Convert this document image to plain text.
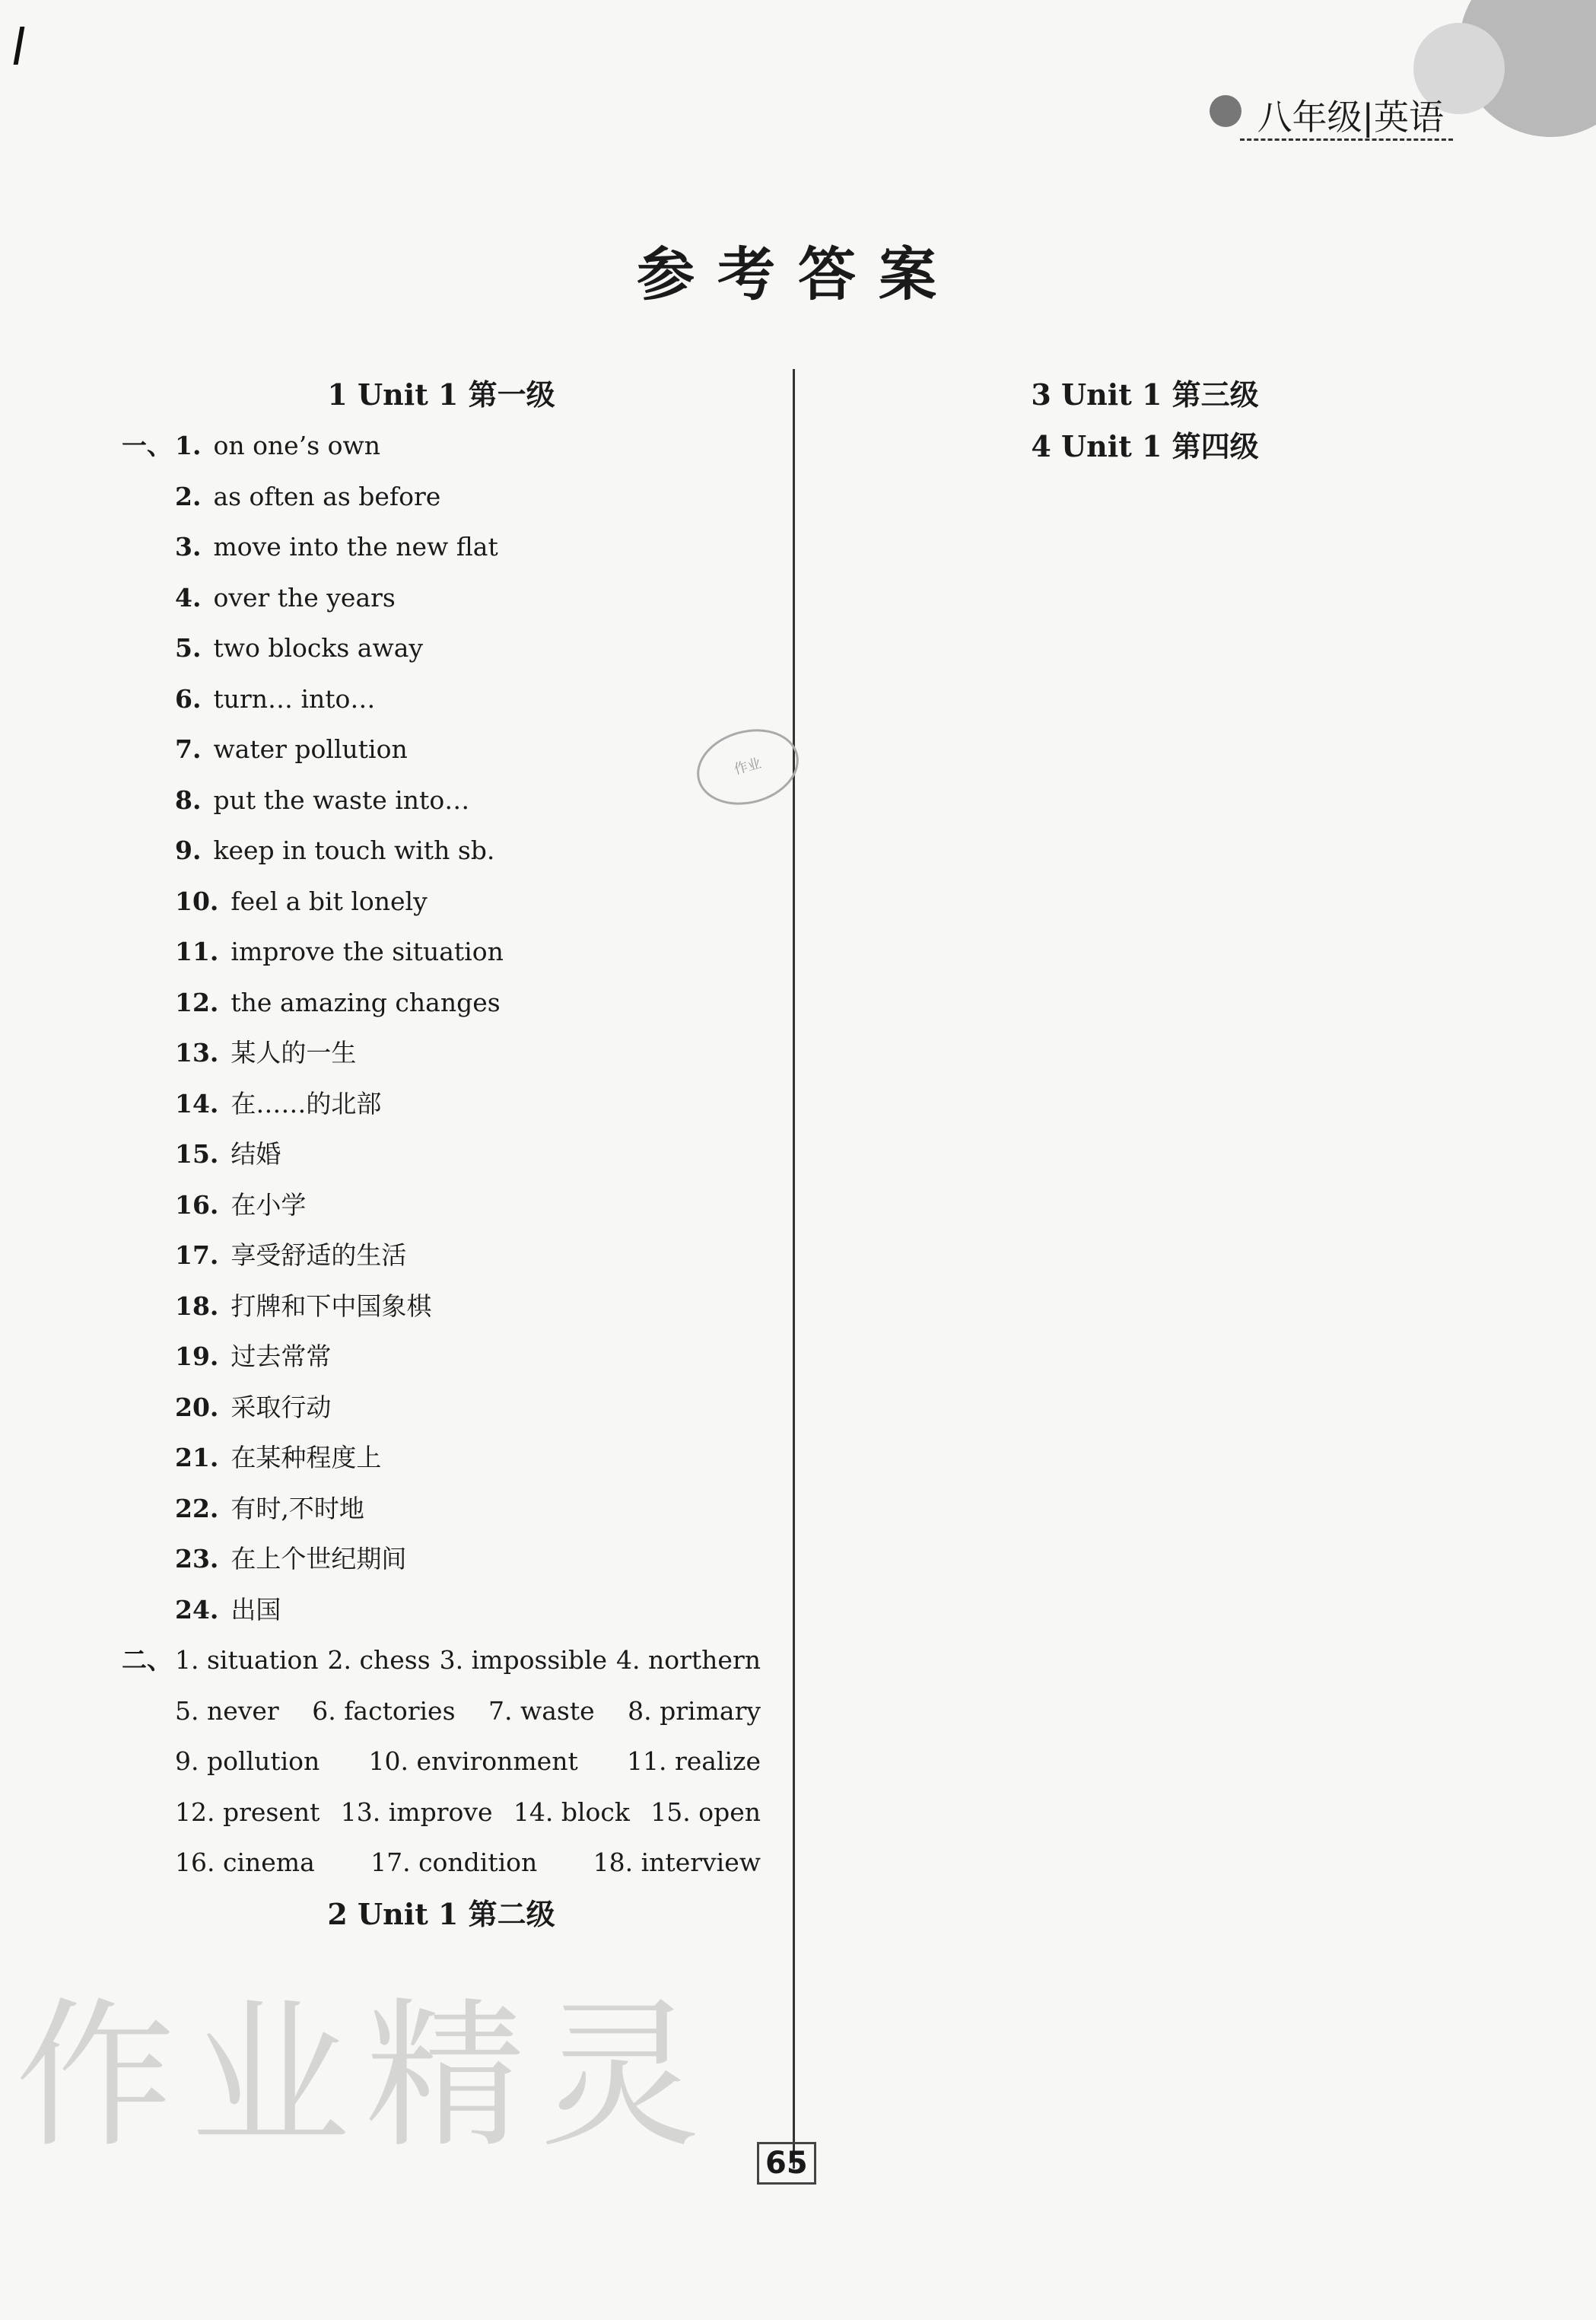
八年级|英语
参考答案
1 Unit 1 第一级
一、 1. on one’s own
2. as often as before
3. move into the new flat
4. over the years
5. two blocks away
6. turn… into…
7. water pollution
8. put the waste into…
9. keep in touch with sb.
10. feel a bit lonely
11. improve the situation
12. the amazing changes
13. 某人的一生
14. 在……的北部
15. 结婚
16. 在小学
17. 享受舒适的生活
18. 打牌和下中国象棋
19. 过去常常
20. 采取行动
21. 在某种程度上
22. 有时,不时地
23. 在上个世纪期间
24. 出国
二、 1. situation 2. chess 3. impossible 4. northern
5. never 6. factories 7. waste 8. primary
9. pollution 10. environment 11. realize
12. present 13. improve 14. block 15. open
16. cinema 17. condition 18. interview
2 Unit 1 第二级
3 Unit 1 第三级
4 Unit 1 第四级
作业
作业精灵 65
